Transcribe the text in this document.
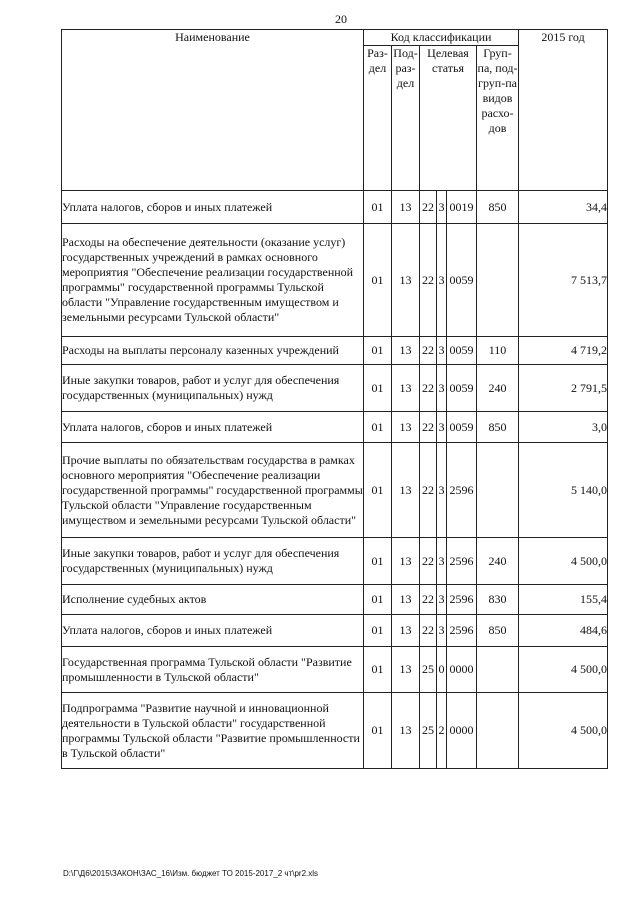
20
Наименование	Код классификации						2015 год
	Раз-дел	Под-раз-дел	Целевая статья			Груп-па, под-груп-па видов расхо-дов	
Уплата налогов, сборов и иных платежей	01	13	22	3	0019	850	34,4
Расходы на обеспечение деятельности (оказание услуг) государственных учреждений в рамках основного мероприятия "Обеспечение реализации государственной программы" государственной программы Тульской области "Управление государственным имуществом и земельными ресурсами Тульской области"	01	13	22	3	0059		7 513,7
Расходы на выплаты персоналу казенных учреждений	01	13	22	3	0059	110	4 719,2
Иные закупки товаров, работ и услуг для обеспечения государственных (муниципальных) нужд	01	13	22	3	0059	240	2 791,5
Уплата налогов, сборов и иных платежей	01	13	22	3	0059	850	3,0
Прочие выплаты по обязательствам государства в рамках основного мероприятия "Обеспечение реализации государственной программы" государственной программы Тульской области "Управление государственным имуществом и земельными ресурсами Тульской области"	01	13	22	3	2596		5 140,0
Иные закупки товаров, работ и услуг для обеспечения государственных (муниципальных) нужд	01	13	22	3	2596	240	4 500,0
Исполнение судебных актов	01	13	22	3	2596	830	155,4
Уплата налогов, сборов и иных платежей	01	13	22	3	2596	850	484,6
Государственная программа Тульской области "Развитие промышленности в Тульской области"	01	13	25	0	0000		4 500,0
Подпрограмма "Развитие научной и инновационной деятельности в Тульской области" государственной программы Тульской области "Развитие промышленности в Тульской области"	01	13	25	2	0000		4 500,0
D:\Г\Д6\2015\ЗАКОН\ЗАС_16\Изм. бюджет ТО 2015-2017_2 чт\pr2.xls
